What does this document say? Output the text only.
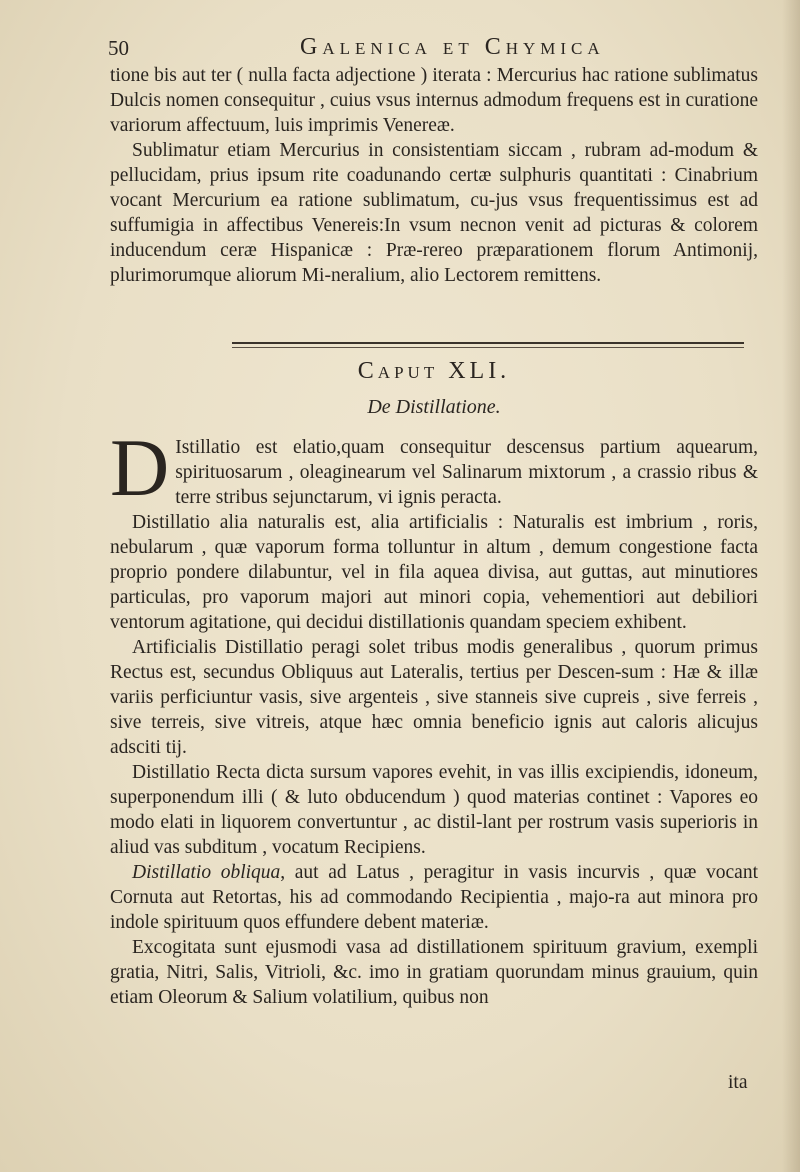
50	Galenica et Chymica

tione bis aut ter ( nulla facta adjectione ) iterata : Mercurius hac ratione sublimatus Dulcis nomen consequitur , cuius vsus internus admodum frequens est in curatione variorum affectuum, luis imprimis Venereæ.

Sublimatur etiam Mercurius in consistentiam siccam , rubram ad-modum & pellucidam, prius ipsum rite coadunando certæ sulphuris quantitati : Cinabrium vocant Mercurium ea ratione sublimatum, cu-jus vsus frequentissimus est ad suffumigia in affectibus Venereis:In vsum necnon venit ad picturas & colorem inducendum ceræ Hispanicæ : Præ-rereo præparationem florum Antimonij, plurimorumque aliorum Mi-neralium, alio Lectorem remittens.

Caput XLI.
De Distillatione.

D Istillatio est elatio,quam consequitur descensus partium aquearum, spirituosarum , oleaginearum vel Salinarum mixtorum , a crassio ribus & terre stribus sejunctarum, vi ignis peracta.

Distillatio alia naturalis est, alia artificialis : Naturalis est imbrium , roris, nebularum , quæ vaporum forma tolluntur in altum , demum congestione facta proprio pondere dilabuntur, vel in fila aquea divisa, aut guttas, aut minutiores particulas, pro vaporum majori aut minori copia, vehementiori aut debiliori ventorum agitatione, qui decidui distillationis quandam speciem exhibent.

Artificialis Distillatio peragi solet tribus modis generalibus , quorum primus Rectus est, secundus Obliquus aut Lateralis, tertius per Descen-sum : Hæ & illæ variis perficiuntur vasis, sive argenteis , sive stanneis sive cupreis , sive ferreis , sive terreis, sive vitreis, atque hæc omnia beneficio ignis aut caloris alicujus adsciti tij.

Distillatio Recta dicta sursum vapores evehit, in vas illis excipiendis, idoneum, superponendum illi ( & luto obducendum ) quod materias continet : Vapores eo modo elati in liquorem convertuntur , ac distil-lant per rostrum vasis superioris in aliud vas subditum , vocatum Recipiens.

Distillatio obliqua, aut ad Latus , peragitur in vasis incurvis , quæ vocant Cornuta aut Retortas, his ad commodando Recipientia , majo-ra aut minora pro indole spirituum quos effundere debent materiæ.

Excogitata sunt ejusmodi vasa ad distillationem spirituum gravium, exempli gratia, Nitri, Salis, Vitrioli, &c. imo in gratiam quorundam minus grauium, quin etiam Oleorum & Salium volatilium, quibus non

ita
